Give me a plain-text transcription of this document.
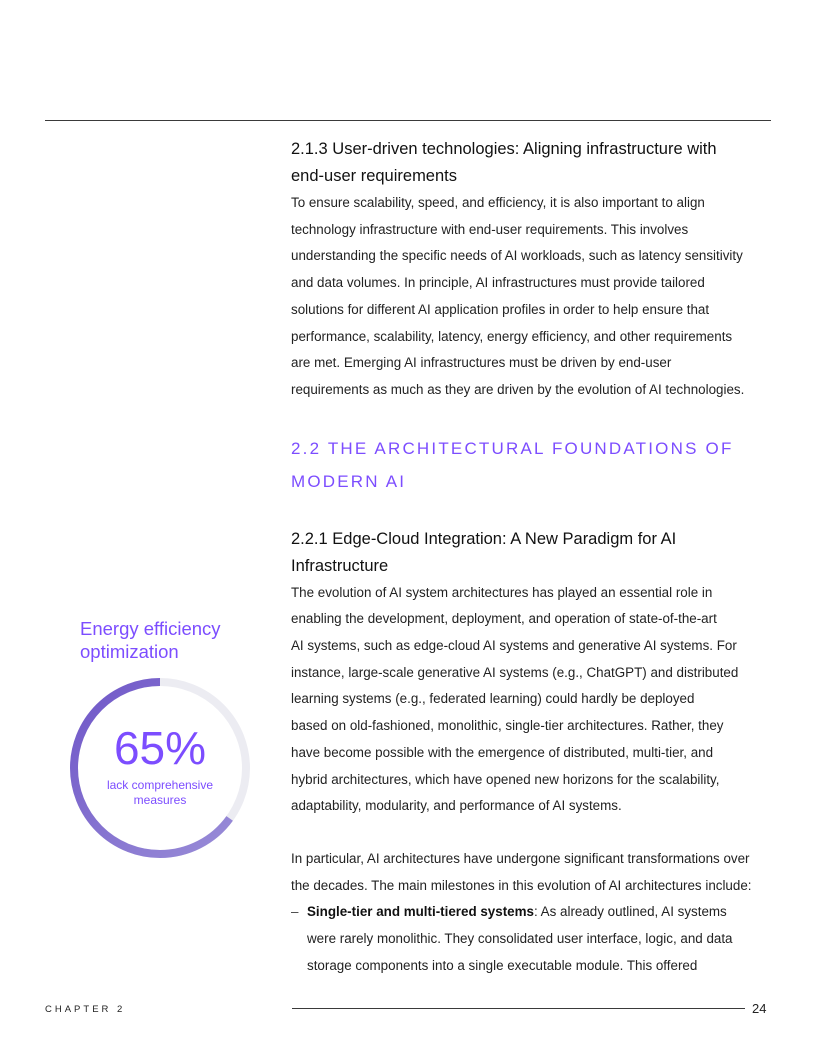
2.1.3 User-driven technologies: Aligning infrastructure with
end-user requirements

To ensure scalability, speed, and efficiency, it is also important to align
technology infrastructure with end-user requirements. This involves
understanding the specific needs of AI workloads, such as latency sensitivity
and data volumes. In principle, AI infrastructures must provide tailored
solutions for different AI application profiles in order to help ensure that
performance, scalability, latency, energy efficiency, and other requirements
are met. Emerging AI infrastructures must be driven by end-user
requirements as much as they are driven by the evolution of AI technologies.

2.2 THE ARCHITECTURAL FOUNDATIONS OF
MODERN AI
2.2.1 Edge-Cloud Integration: A New Paradigm for AI
Infrastructure

The evolution of AI system architectures has played an essential role in
enabling the development, deployment, and operation of state-of-the-art
AI systems, such as edge-cloud AI systems and generative AI systems. For
instance, large-scale generative AI systems (e.g., ChatGPT) and distributed
learning systems (e.g., federated learning) could hardly be deployed
based on old-fashioned, monolithic, single-tier architectures. Rather, they
have become possible with the emergence of distributed, multi-tier, and
hybrid architectures, which have opened new horizons for the scalability,
adaptability, modularity, and performance of AI systems.

In particular, AI architectures have undergone significant transformations over
the decades. The main milestones in this evolution of AI architectures include:

– Single-tier and multi-tiered systems: As already outlined, AI systems
were rarely monolithic. They consolidated user interface, logic, and data
storage components into a single executable module. This offered
Energy efficiency
optimization
65%
lack comprehensive
measures
CHAPTER 2	24
